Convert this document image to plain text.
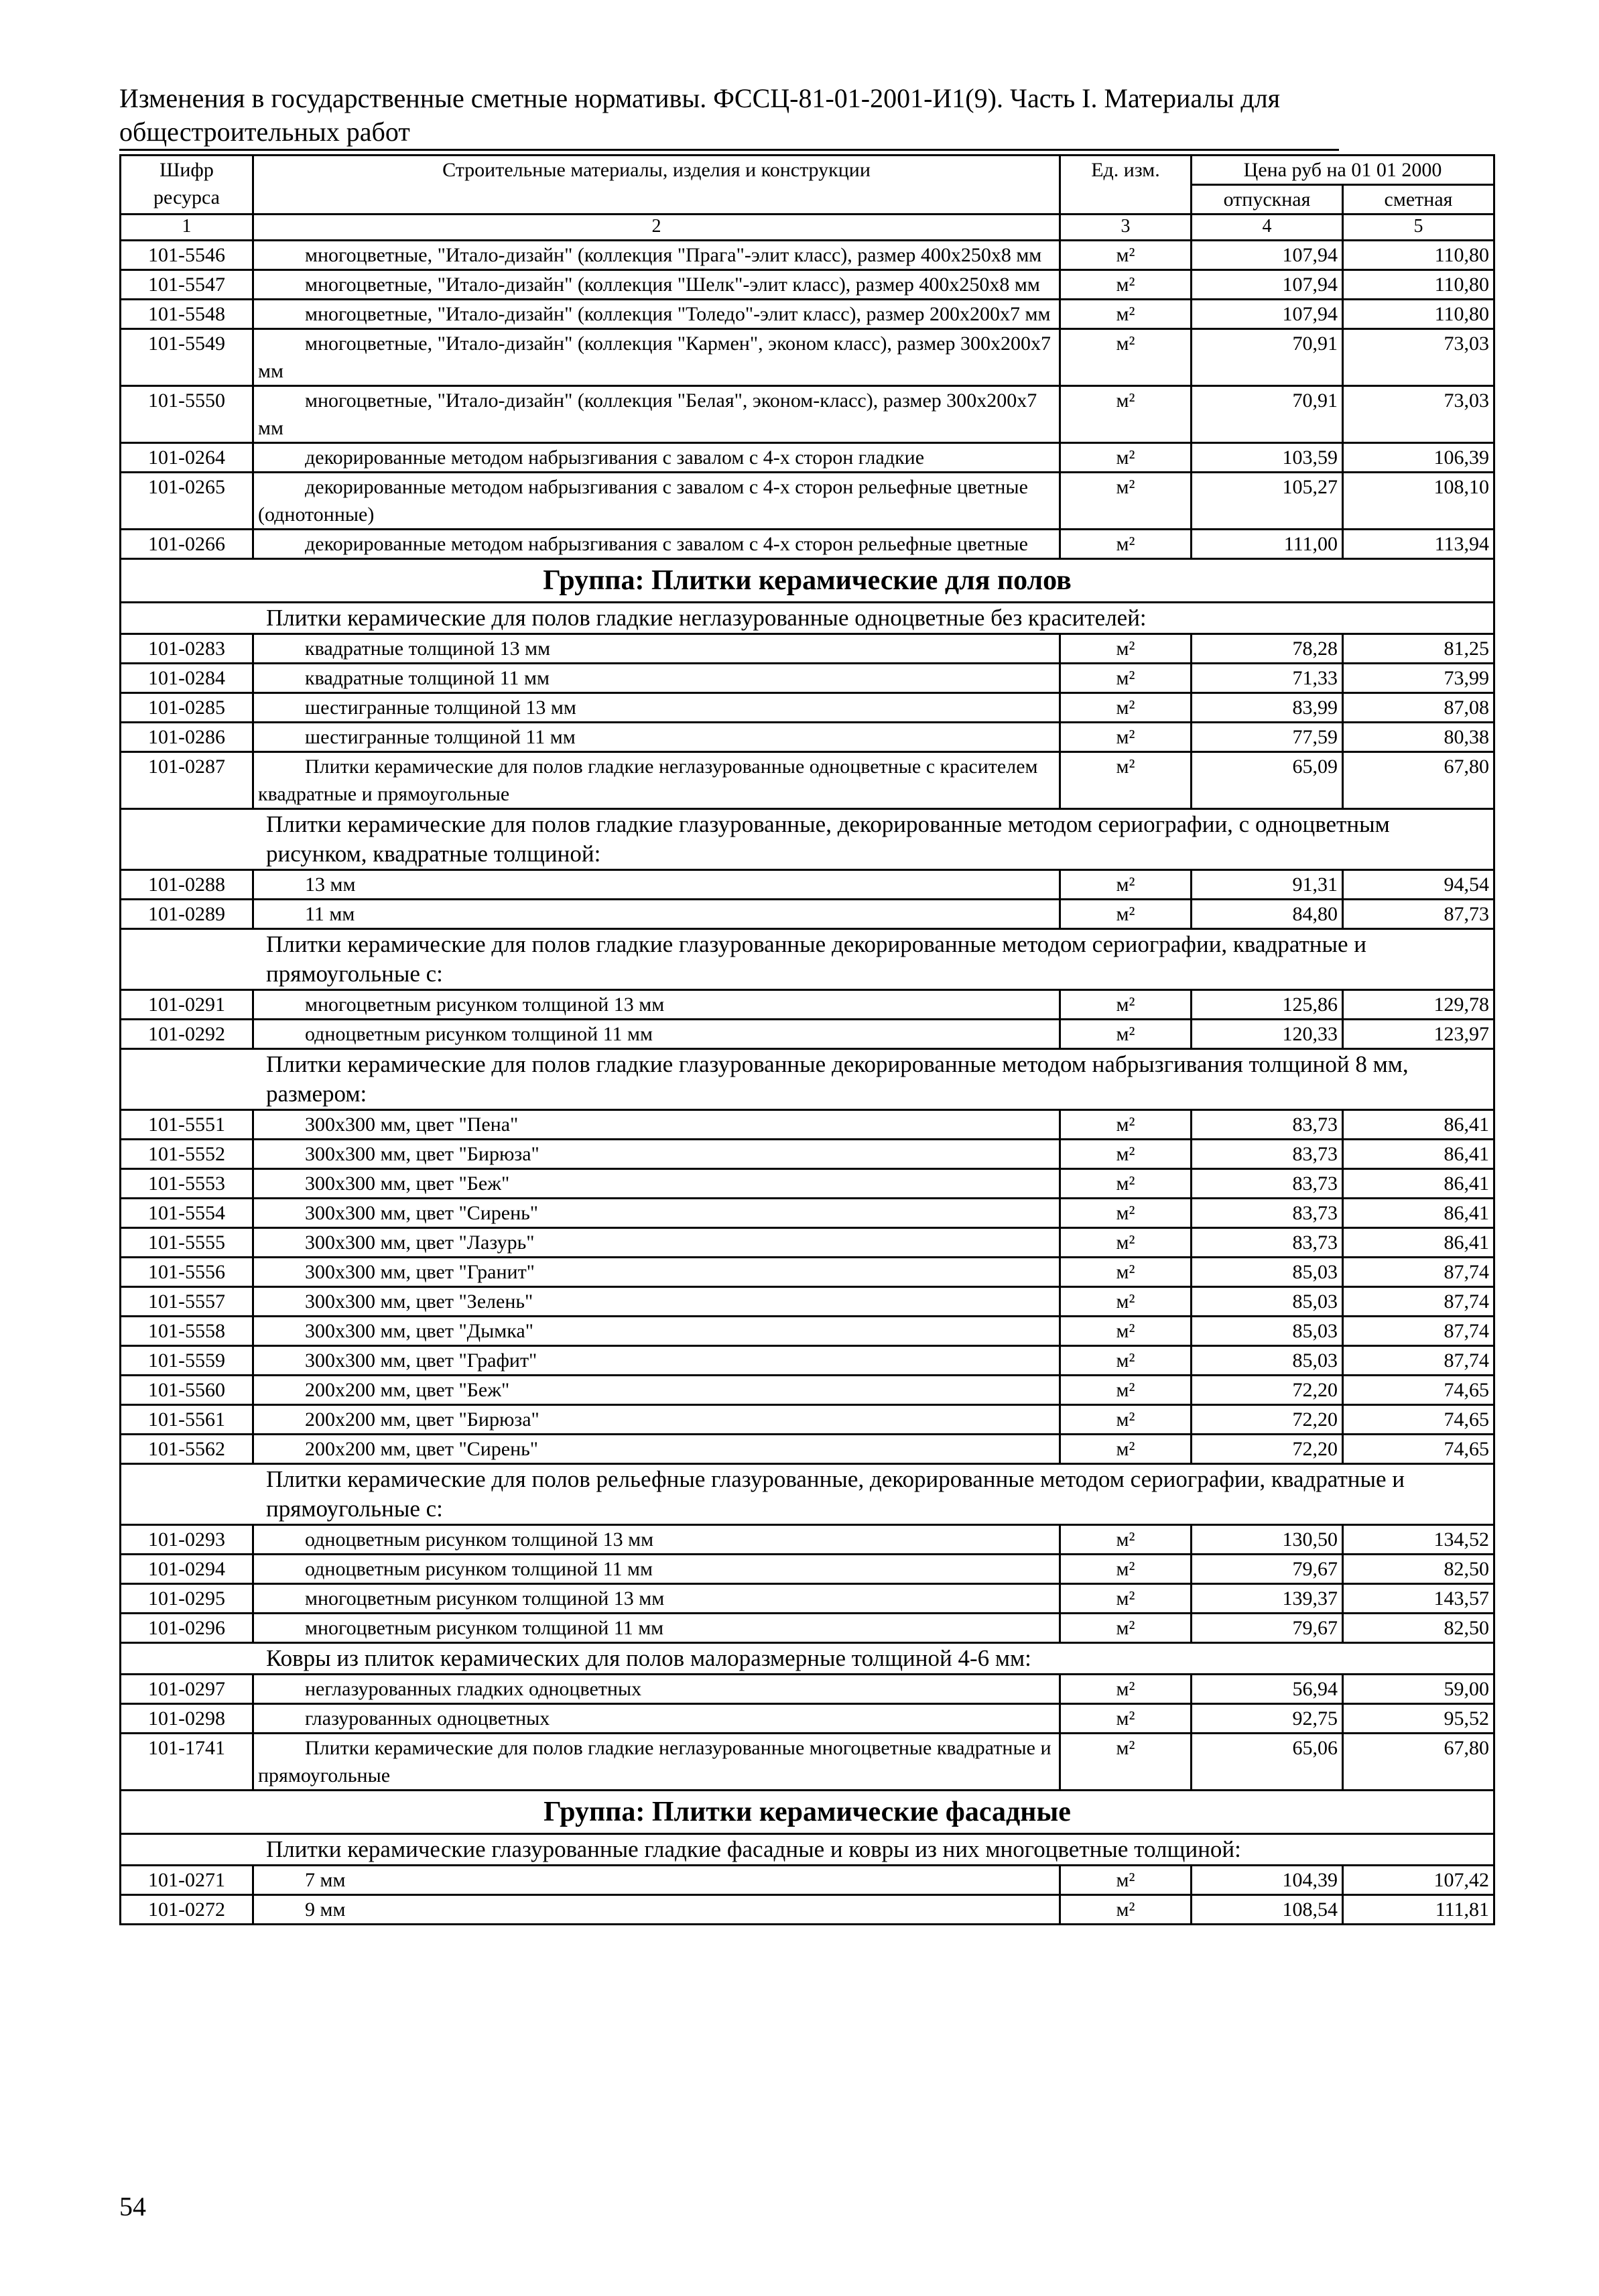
Изменения в государственные сметные нормативы. ФССЦ-81-01-2001-И1(9). Часть I. Материалы для общестроительных работ
Шифр ресурса	Строительные материалы, изделия и конструкции	Ед. изм.	Цена руб на 01 01 2000	
			отпускная	сметная
1	2	3	4	5
101-5546	многоцветные, "Итало-дизайн" (коллекция "Прага"-элит класс), размер 400х250х8 мм	м²	107,94	110,80
101-5547	многоцветные, "Итало-дизайн" (коллекция "Шелк"-элит класс), размер 400х250х8 мм	м²	107,94	110,80
101-5548	многоцветные, "Итало-дизайн" (коллекция "Толедо"-элит класс), размер 200х200х7 мм	м²	107,94	110,80
101-5549	многоцветные, "Итало-дизайн" (коллекция "Кармен", эконом класс), размер 300х200х7 мм	м²	70,91	73,03
101-5550	многоцветные, "Итало-дизайн" (коллекция "Белая", эконом-класс), размер 300х200х7 мм	м²	70,91	73,03
101-0264	декорированные методом набрызгивания с завалом с 4-х сторон гладкие	м²	103,59	106,39
101-0265	декорированные методом набрызгивания с завалом с 4-х сторон рельефные цветные (однотонные)	м²	105,27	108,10
101-0266	декорированные методом набрызгивания с завалом с 4-х сторон рельефные цветные	м²	111,00	113,94
Группа: Плитки керамические для полов				
Плитки керамические для полов гладкие неглазурованные одноцветные без красителей:				
101-0283	квадратные толщиной 13 мм	м²	78,28	81,25
101-0284	квадратные толщиной 11 мм	м²	71,33	73,99
101-0285	шестигранные толщиной 13 мм	м²	83,99	87,08
101-0286	шестигранные толщиной 11 мм	м²	77,59	80,38
101-0287	Плитки керамические для полов гладкие неглазурованные одноцветные с красителем квадратные и прямоугольные	м²	65,09	67,80
Плитки керамические для полов гладкие глазурованные, декорированные методом сериографии, с одноцветным рисунком, квадратные толщиной:				
101-0288	13 мм	м²	91,31	94,54
101-0289	11 мм	м²	84,80	87,73
Плитки керамические для полов гладкие глазурованные декорированные методом сериографии, квадратные и прямоугольные с:				
101-0291	многоцветным рисунком толщиной 13 мм	м²	125,86	129,78
101-0292	одноцветным рисунком толщиной 11 мм	м²	120,33	123,97
Плитки керамические для полов гладкие глазурованные декорированные методом набрызгивания толщиной 8 мм, размером:				
101-5551	300х300 мм, цвет "Пена"	м²	83,73	86,41
101-5552	300х300 мм, цвет "Бирюза"	м²	83,73	86,41
101-5553	300х300 мм, цвет "Беж"	м²	83,73	86,41
101-5554	300х300 мм, цвет "Сирень"	м²	83,73	86,41
101-5555	300х300 мм, цвет "Лазурь"	м²	83,73	86,41
101-5556	300х300 мм, цвет "Гранит"	м²	85,03	87,74
101-5557	300х300 мм, цвет "Зелень"	м²	85,03	87,74
101-5558	300х300 мм, цвет "Дымка"	м²	85,03	87,74
101-5559	300х300 мм, цвет "Графит"	м²	85,03	87,74
101-5560	200х200 мм, цвет "Беж"	м²	72,20	74,65
101-5561	200х200 мм, цвет "Бирюза"	м²	72,20	74,65
101-5562	200х200 мм, цвет "Сирень"	м²	72,20	74,65
Плитки керамические для полов рельефные глазурованные, декорированные методом сериографии, квадратные и прямоугольные с:				
101-0293	одноцветным рисунком толщиной 13 мм	м²	130,50	134,52
101-0294	одноцветным рисунком толщиной 11 мм	м²	79,67	82,50
101-0295	многоцветным рисунком толщиной 13 мм	м²	139,37	143,57
101-0296	многоцветным рисунком толщиной 11 мм	м²	79,67	82,50
Ковры из плиток керамических для полов малоразмерные толщиной 4-6 мм:				
101-0297	неглазурованных гладких одноцветных	м²	56,94	59,00
101-0298	глазурованных одноцветных	м²	92,75	95,52
101-1741	Плитки керамические для полов гладкие неглазурованные многоцветные квадратные и прямоугольные	м²	65,06	67,80
Группа: Плитки керамические фасадные				
Плитки керамические глазурованные гладкие фасадные и ковры из них многоцветные толщиной:				
101-0271	7 мм	м²	104,39	107,42
101-0272	9 мм	м²	108,54	111,81
54
